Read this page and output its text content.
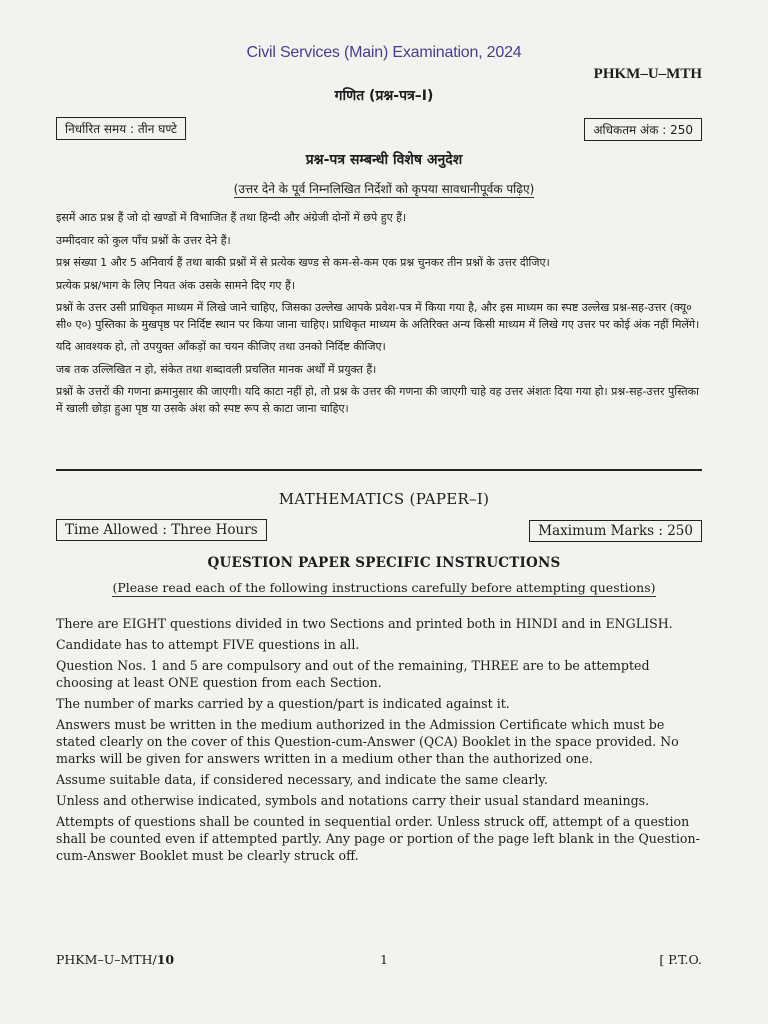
Civil Services (Main) Examination, 2024
PHKM–U–MTH
गणित (प्रश्न-पत्र–I)
निर्धारित समय : तीन घण्टे	अधिकतम अंक : 250
प्रश्न-पत्र सम्बन्धी विशेष अनुदेश
(उत्तर देने के पूर्व निम्नलिखित निर्देशों को कृपया सावधानीपूर्वक पढ़िए)

इसमें आठ प्रश्न हैं जो दो खण्डों में विभाजित हैं तथा हिन्दी और अंग्रेजी दोनों में छपे हुए हैं।

उम्मीदवार को कुल पाँच प्रश्नों के उत्तर देने हैं।

प्रश्न संख्या 1 और 5 अनिवार्य हैं तथा बाकी प्रश्नों में से प्रत्येक खण्ड से कम-से-कम एक प्रश्न चुनकर तीन प्रश्नों के उत्तर दीजिए।

प्रत्येक प्रश्न/भाग के लिए नियत अंक उसके सामने दिए गए हैं।

प्रश्नों के उत्तर उसी प्राधिकृत माध्यम में लिखे जाने चाहिए, जिसका उल्लेख आपके प्रवेश-पत्र में किया गया है, और इस माध्यम का स्पष्ट उल्लेख प्रश्न-सह-उत्तर (क्यू० सी० ए०) पुस्तिका के मुखपृष्ठ पर निर्दिष्ट स्थान पर किया जाना चाहिए। प्राधिकृत माध्यम के अतिरिक्त अन्य किसी माध्यम में लिखे गए उत्तर पर कोई अंक नहीं मिलेंगे।

यदि आवश्यक हो, तो उपयुक्त आँकड़ों का चयन कीजिए तथा उनको निर्दिष्ट कीजिए।

जब तक उल्लिखित न हो, संकेत तथा शब्दावली प्रचलित मानक अर्थों में प्रयुक्त हैं।

प्रश्नों के उत्तरों की गणना क्रमानुसार की जाएगी। यदि काटा नहीं हो, तो प्रश्न के उत्तर की गणना की जाएगी चाहे वह उत्तर अंशतः दिया गया हो। प्रश्न-सह-उत्तर पुस्तिका में खाली छोड़ा हुआ पृष्ठ या उसके अंश को स्पष्ट रूप से काटा जाना चाहिए।

MATHEMATICS (PAPER–I)
Time Allowed : Three Hours	Maximum Marks : 250
QUESTION PAPER SPECIFIC INSTRUCTIONS
(Please read each of the following instructions carefully before attempting questions)

There are EIGHT questions divided in two Sections and printed both in HINDI and in ENGLISH.

Candidate has to attempt FIVE questions in all.

Question Nos. 1 and 5 are compulsory and out of the remaining, THREE are to be attempted choosing at least ONE question from each Section.

The number of marks carried by a question/part is indicated against it.

Answers must be written in the medium authorized in the Admission Certificate which must be stated clearly on the cover of this Question-cum-Answer (QCA) Booklet in the space provided. No marks will be given for answers written in a medium other than the authorized one.

Assume suitable data, if considered necessary, and indicate the same clearly.

Unless and otherwise indicated, symbols and notations carry their usual standard meanings.

Attempts of questions shall be counted in sequential order. Unless struck off, attempt of a question shall be counted even if attempted partly. Any page or portion of the page left blank in the Question-cum-Answer Booklet must be clearly struck off.

PHKM–U–MTH/10	1	[ P.T.O.
